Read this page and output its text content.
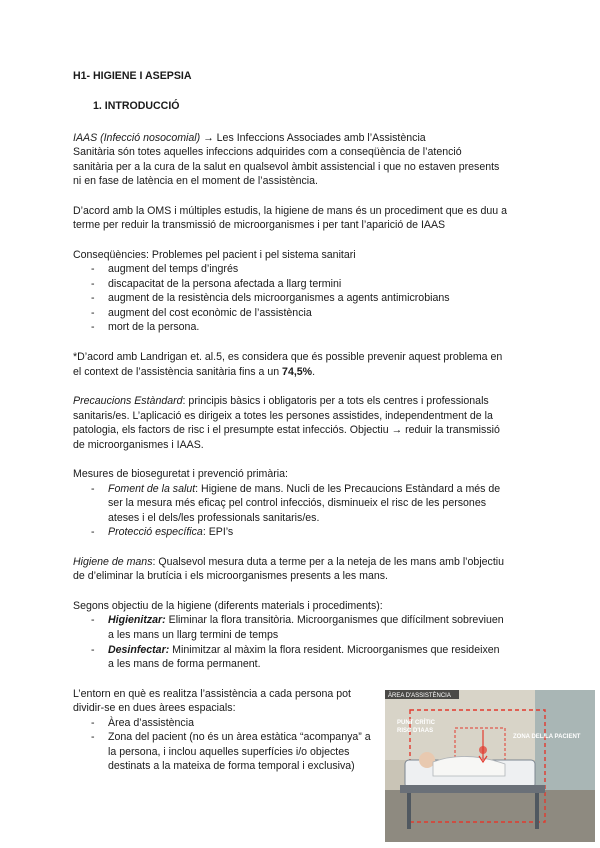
H1- HIGIENE I ASEPSIA
1. INTRODUCCIÓ
IAAS (Infecció nosocomial) → Les Infeccions Associades amb l’Assistència
Sanitària són totes aquelles infeccions adquirides com a conseqüència de l’atenció
sanitària per a la cura de la salut en qualsevol àmbit assistencial i que no estaven presents
ni en fase de latència en el moment de l’assistència.
D’acord amb la OMS i múltiples estudis, la higiene de mans és un procediment que es duu a
terme per reduir la transmissió de microorganismes i per tant l’aparició de IAAS
Conseqüències: Problemes pel pacient i pel sistema sanitari
- augment del temps d’ingrés
- discapacitat de la persona afectada a llarg termini
- augment de la resistència dels microorganismes a agents antimicrobians
- augment del cost econòmic de l’assistència
- mort de la persona.
*D’acord amb Landrigan et. al.5, es considera que és possible prevenir aquest problema en
el context de l’assistència sanitària fins a un 74,5%.
Precaucions Estàndard: principis bàsics i obligatoris per a tots els centres i professionals
sanitaris/es. L’aplicació es dirigeix a totes les persones assistides, independentment de la
patologia, els factors de risc i el presumpte estat infecciós. Objectiu → reduir la transmissió
de microorganismes i IAAS.
Mesures de bioseguretat i prevenció primària:
- Foment de la salut: Higiene de mans. Nucli de les Precaucions Estàndard a més de
ser la mesura més eficaç pel control infecciós, disminueix el risc de les persones
ateses i el dels/les professionals sanitaris/es.
- Protecció específica: EPI’s
Higiene de mans: Qualsevol mesura duta a terme per a la neteja de les mans amb l’objectiu
de d’eliminar la brutícia i els microorganismes presents a les mans.
Segons objectiu de la higiene (diferents materials i procediments):
- Higienitzar: Eliminar la flora transitòria. Microorganismes que difícilment sobreviuen
a les mans un llarg termini de temps
- Desinfectar: Minimitzar al màxim la flora resident. Microorganismes que resideixen
a les mans de forma permanent.
L’entorn en què es realitza l’assistència a cada persona pot
dividir-se en dues àrees espacials:
- Àrea d’assistència
- Zona del pacient (no és un àrea estàtica “acompanya” a
la persona, i inclou aquelles superfícies i/o objectes
destinats a la mateixa de forma temporal i exclusiva)
ÀREA D'ASSISTÈNCIA
PUNT CRÍTIC
RISC D'IAAS
ZONA DEL/LA PACIENT
